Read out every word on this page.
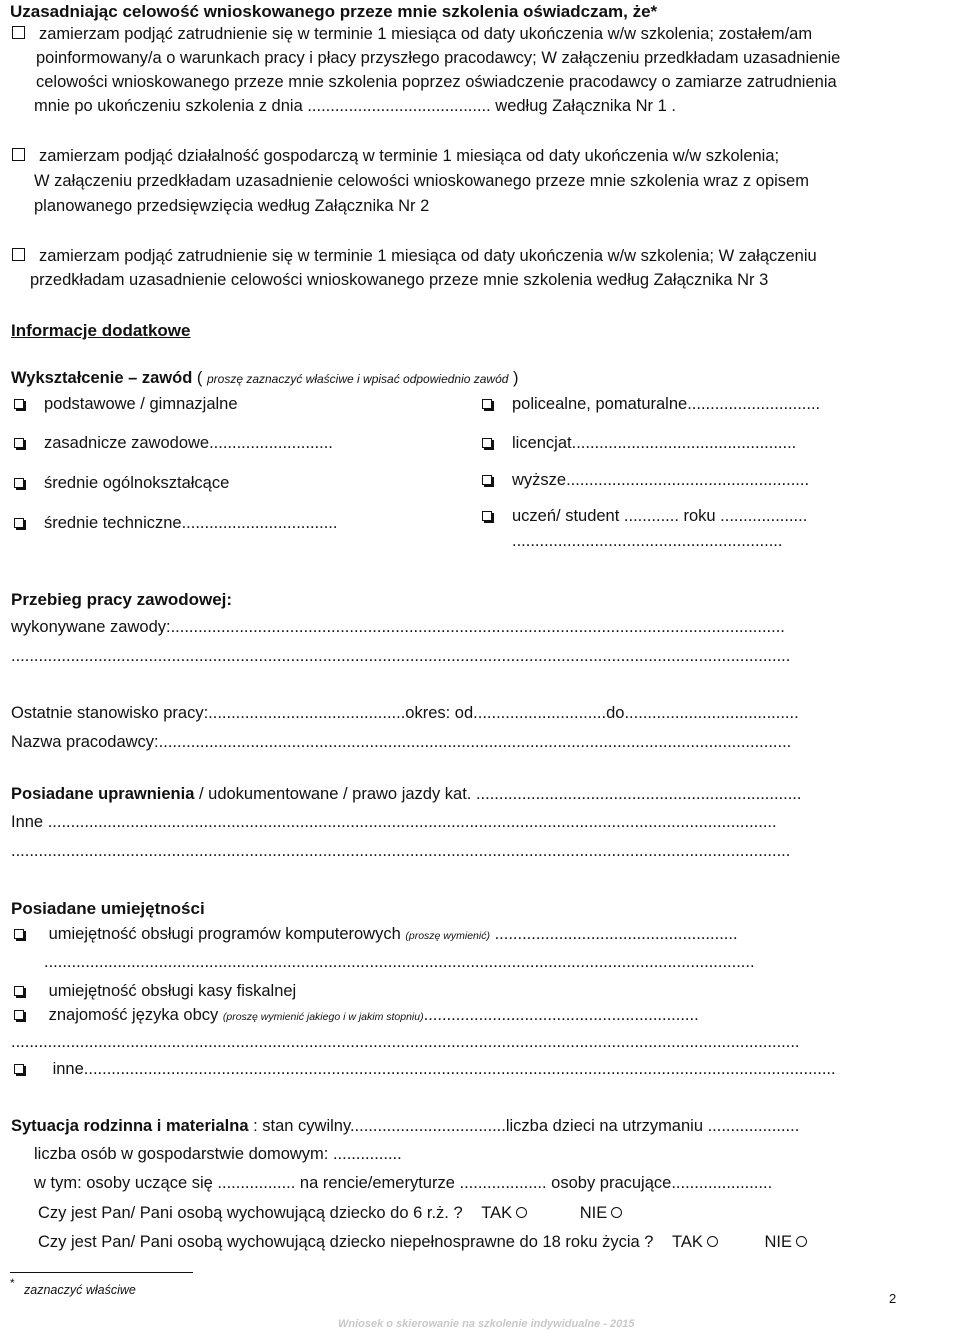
Uzasadniając celowość wnioskowanego przeze mnie szkolenia oświadczam, że*
zamierzam podjąć zatrudnienie się w terminie 1 miesiąca od daty ukończenia w/w szkolenia; zostałem/am
poinformowany/a o warunkach pracy i płacy przyszłego pracodawcy; W załączeniu przedkładam uzasadnienie
celowości wnioskowanego przeze mnie szkolenia poprzez oświadczenie pracodawcy o zamiarze zatrudnienia
mnie po ukończeniu szkolenia z dnia ........................................ według Załącznika Nr 1 .
zamierzam podjąć działalność gospodarczą w terminie 1 miesiąca od daty ukończenia w/w szkolenia;
W załączeniu przedkładam uzasadnienie celowości wnioskowanego przeze mnie szkolenia wraz z opisem
planowanego przedsięwzięcia według Załącznika Nr 2
zamierzam podjąć zatrudnienie się w terminie 1 miesiąca od daty ukończenia w/w szkolenia; W załączeniu
przedkładam uzasadnienie celowości wnioskowanego przeze mnie szkolenia według Załącznika Nr 3
Informacje dodatkowe
Wykształcenie – zawód ( proszę zaznaczyć właściwe i wpisać odpowiednio zawód )
podstawowe / gimnazjalne
zasadnicze zawodowe...........................
średnie ogólnokształcące
średnie techniczne..................................
policealne, pomaturalne.............................
licencjat.................................................
wyższe.....................................................
uczeń/ student ............ roku ...................
...........................................................
Przebieg pracy zawodowej:
wykonywane zawody:......................................................................................................................................
..........................................................................................................................................................................
Ostatnie stanowisko pracy:...........................................okres: od.............................do......................................
Nazwa pracodawcy:..........................................................................................................................................
Posiadane uprawnienia / udokumentowane / prawo jazdy kat. .......................................................................
Inne ...............................................................................................................................................................
..........................................................................................................................................................................
Posiadane umiejętności
umiejętność obsługi programów komputerowych (proszę wymienić) .....................................................
...........................................................................................................................................................
umiejętność obsługi kasy fiskalnej
znajomość języka obcy (proszę wymienić jakiego i w jakim stopniu)............................................................
............................................................................................................................................................................
inne....................................................................................................................................................................
Sytuacja rodzinna i materialna : stan cywilny..................................liczba dzieci na utrzymaniu ....................
liczba osób w gospodarstwie domowym: ...............
w tym: osoby uczące się ................. na rencie/emeryturze ................... osoby pracujące......................
Czy jest Pan/ Pani osobą wychowującą dziecko do 6 r.ż. ? TAK	NIE
Czy jest Pan/ Pani osobą wychowującą dziecko niepełnosprawne do 18 roku życia ? TAK	NIE
* zaznaczyć właściwe
2
Wniosek o skierowanie na szkolenie indywidualne - 2015
